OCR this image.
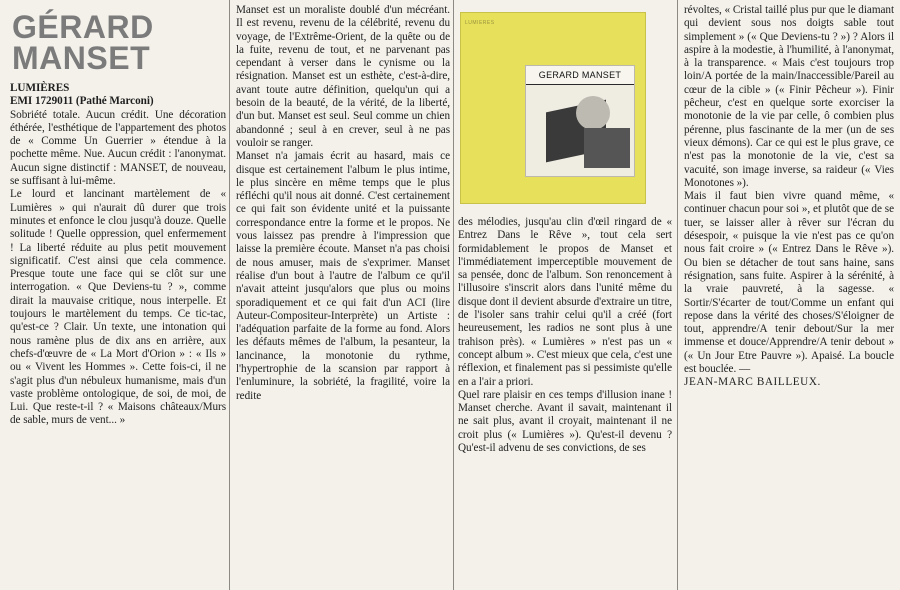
GÉRARD
MANSET
LUMIÈRES
EMI 1729011 (Pathé Marconi)

Sobriété totale. Aucun crédit. Une décoration éthérée, l'esthétique de l'appartement des photos de « Comme Un Guerrier » étendue à la pochette même. Nue. Aucun crédit : l'anonymat. Aucun signe distinctif : MANSET, de nouveau, se suffisant à lui-même.

Le lourd et lancinant martèlement de « Lumières » qui n'aurait dû durer que trois minutes et enfonce le clou jusqu'à douze. Quelle solitude ! Quelle oppression, quel enfermement ! La liberté réduite au plus petit mouvement significatif. C'est ainsi que cela commence. Presque toute une face qui se clôt sur une interrogation. « Que Deviens-tu ? », comme dirait la mauvaise critique, nous interpelle. Et toujours le martèlement du temps. Ce tic-tac, qu'est-ce ? Clair. Un texte, une intonation qui nous ramène plus de dix ans en arrière, aux chefs-d'œuvre de « La Mort d'Orion » : « Ils » ou « Vivent les Hommes ». Cette fois-ci, il ne s'agit plus d'un nébuleux humanisme, mais d'un vaste problème ontologique, de soi, de moi, de Lui. Que reste-t-il ? « Maisons châteaux/Murs de sable, murs de vent... »

Manset est un moraliste doublé d'un mécréant. Il est revenu, revenu de la célébrité, revenu du voyage, de l'Extrême-Orient, de la quête ou de la fuite, revenu de tout, et ne parvenant pas cependant à verser dans le cynisme ou la résignation. Manset est un esthète, c'est-à-dire, avant toute autre définition, quelqu'un qui a besoin de la beauté, de la vérité, de la liberté, d'un but. Manset est seul. Seul comme un chien abandonné ; seul à en crever, seul à ne pas vouloir se ranger.

Manset n'a jamais écrit au hasard, mais ce disque est certainement l'album le plus intime, le plus sincère en même temps que le plus réfléchi qu'il nous ait donné. C'est certainement ce qui fait son évidente unité et la puissante correspondance entre la forme et le propos. Ne vous laissez pas prendre à l'impression que laisse la première écoute. Manset n'a pas choisi de nous amuser, mais de s'exprimer. Manset réalise d'un bout à l'autre de l'album ce qu'il n'avait atteint jusqu'alors que plus ou moins sporadiquement et ce qui fait d'un ACI (lire Auteur-Compositeur-Interprète) un Artiste : l'adéquation parfaite de la forme au fond. Alors les défauts mêmes de l'album, la pesanteur, la lancinance, la monotonie du rythme, l'hypertrophie de la scansion par rapport à l'enluminure, la sobriété, la fragilité, voire la redite

LUMIERES
GERARD MANSET

des mélodies, jusqu'au clin d'œil ringard de « Entrez Dans le Rêve », tout cela sert formidablement le propos de Manset et l'immédiatement imperceptible mouvement de sa pensée, donc de l'album. Son renoncement à l'illusoire s'inscrit alors dans l'unité même du disque dont il devient absurde d'extraire un titre, de l'isoler sans trahir celui qu'il a créé (fort heureusement, les radios ne sont plus à une trahison près). « Lumières » n'est pas un « concept album ». C'est mieux que cela, c'est une réflexion, et finalement pas si pessimiste qu'elle en a l'air a priori.

Quel rare plaisir en ces temps d'illusion inane ! Manset cherche. Avant il savait, maintenant il ne sait plus, avant il croyait, maintenant il ne croit plus (« Lumières »). Qu'est-il devenu ? Qu'est-il advenu de ses convictions, de ses

révoltes, « Cristal taillé plus pur que le diamant qui devient sous nos doigts sable tout simplement » (« Que Deviens-tu ? ») ? Alors il aspire à la modestie, à l'humilité, à l'anonymat, à la transparence. « Mais c'est toujours trop loin/A portée de la main/Inaccessible/Pareil au cœur de la cible » (« Finir Pêcheur »). Finir pêcheur, c'est en quelque sorte exorciser la monotonie de la vie par celle, ô combien plus pérenne, plus fascinante de la mer (un de ses vieux démons). Car ce qui est le plus grave, ce n'est pas la monotonie de la vie, c'est sa vacuité, son image inverse, sa raideur (« Vies Monotones »).

Mais il faut bien vivre quand même, « continuer chacun pour soi », et plutôt que de se tuer, se laisser aller à rêver sur l'écran du désespoir, « puisque la vie n'est pas ce qu'on nous fait croire » (« Entrez Dans le Rêve »). Ou bien se détacher de tout sans haine, sans résignation, sans fuite. Aspirer à la sérénité, à la vraie pauvreté, à la sagesse. « Sortir/S'écarter de tout/Comme un enfant qui repose dans la vérité des choses/S'éloigner de tout, apprendre/A tenir debout/Sur la mer immense et douce/Apprendre/A tenir debout » (« Un Jour Etre Pauvre »). Apaisé. La boucle est bouclée. —

JEAN-MARC BAILLEUX.
